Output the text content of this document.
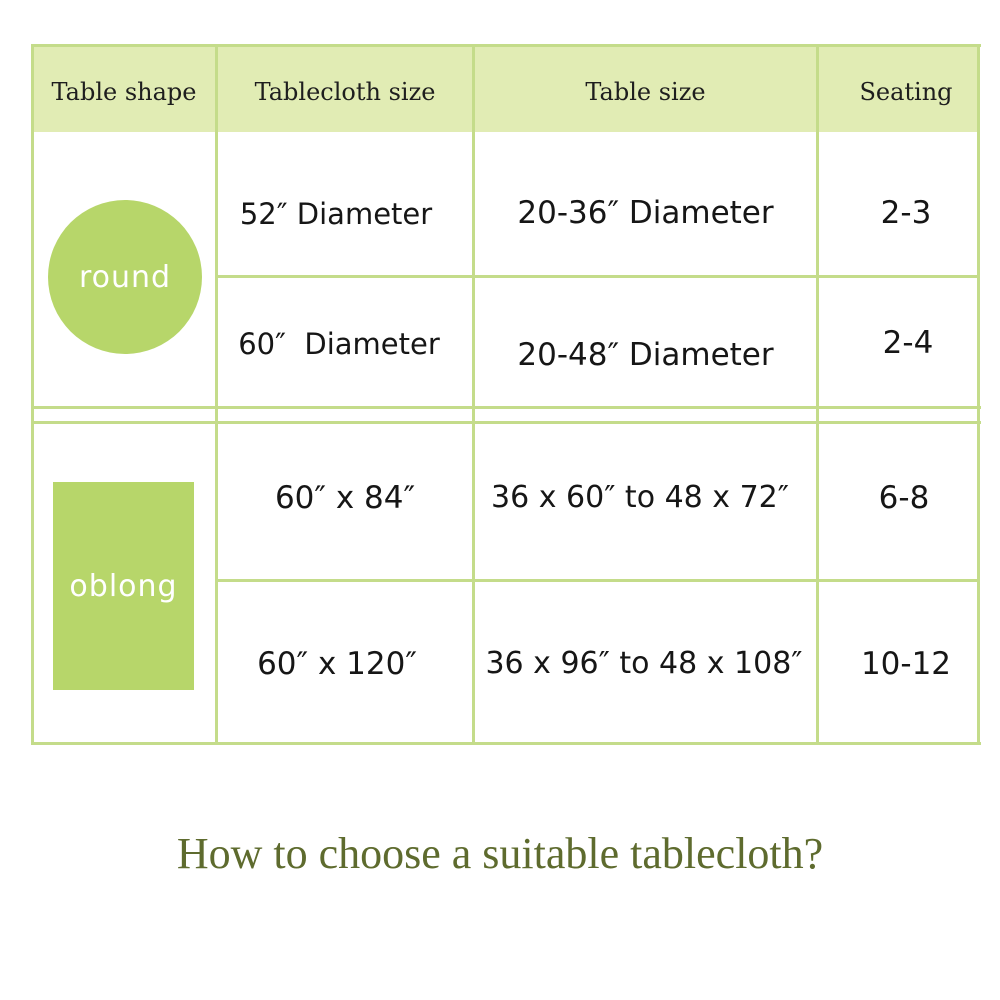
Table shape	Tablecloth size	Table size	Seating
round
52″ Diameter	20-36″ Diameter	2-3
60″  Diameter	20-48″ Diameter	2-4
oblong
60″ x 84″	36 x 60″ to 48 x 72″	6-8
60″ x 120″	36 x 96″ to 48 x 108″	10-12
How to choose a suitable tablecloth?
